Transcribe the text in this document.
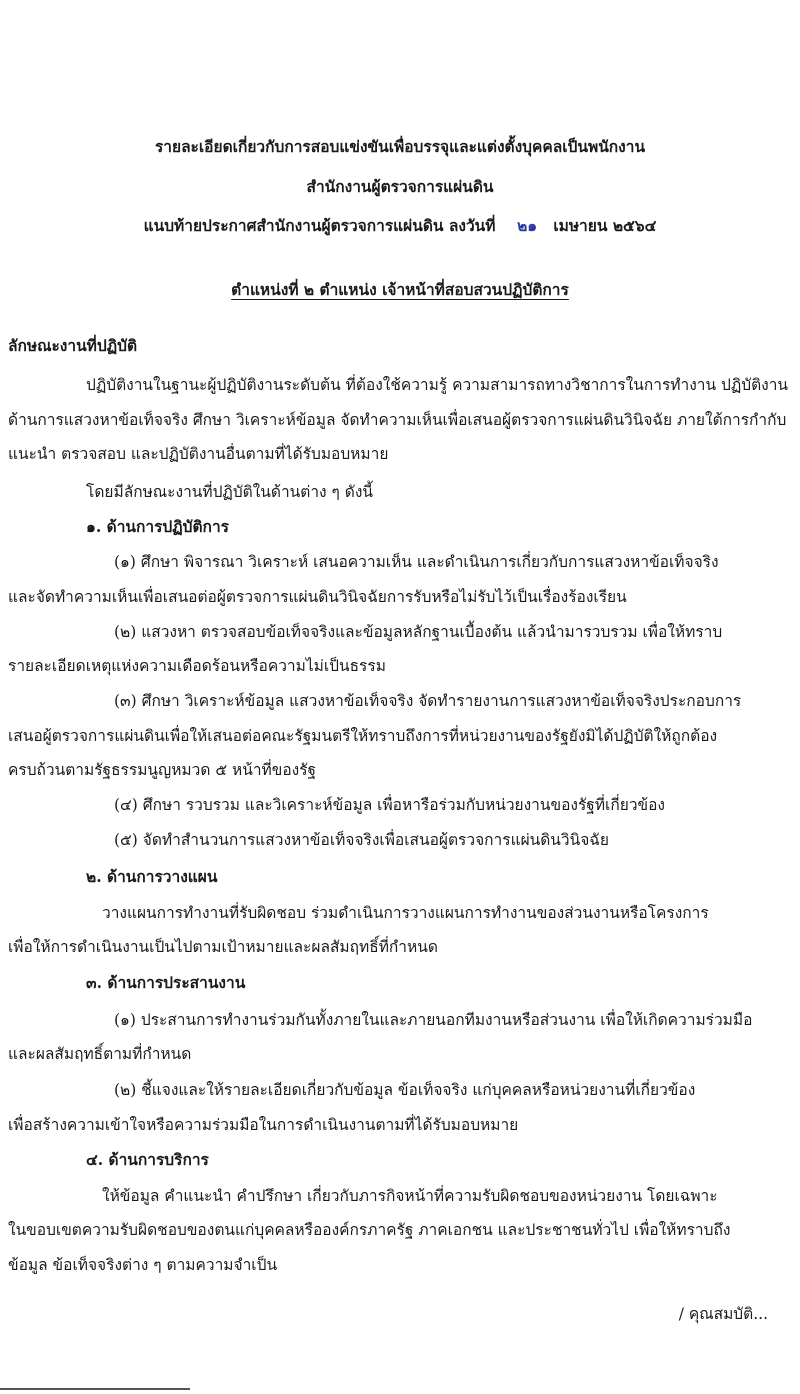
รายละเอียดเกี่ยวกับการสอบแข่งขันเพื่อบรรจุและแต่งตั้งบุคคลเป็นพนักงาน
สำนักงานผู้ตรวจการแผ่นดิน
แนบท้ายประกาศสำนักงานผู้ตรวจการแผ่นดิน ลงวันที่ ๒๑ เมษายน ๒๕๖๔
ตำแหน่งที่ ๒ ตำแหน่ง เจ้าหน้าที่สอบสวนปฏิบัติการ
ลักษณะงานที่ปฏิบัติ
ปฏิบัติงานในฐานะผู้ปฏิบัติงานระดับต้น ที่ต้องใช้ความรู้ ความสามารถทางวิชาการในการทำงาน ปฏิบัติงาน
ด้านการแสวงหาข้อเท็จจริง ศึกษา วิเคราะห์ข้อมูล จัดทำความเห็นเพื่อเสนอผู้ตรวจการแผ่นดินวินิจฉัย ภายใต้การกำกับ
แนะนำ ตรวจสอบ และปฏิบัติงานอื่นตามที่ได้รับมอบหมาย
โดยมีลักษณะงานที่ปฏิบัติในด้านต่าง ๆ ดังนี้
๑. ด้านการปฏิบัติการ
(๑) ศึกษา พิจารณา วิเคราะห์ เสนอความเห็น และดำเนินการเกี่ยวกับการแสวงหาข้อเท็จจริง
และจัดทำความเห็นเพื่อเสนอต่อผู้ตรวจการแผ่นดินวินิจฉัยการรับหรือไม่รับไว้เป็นเรื่องร้องเรียน
(๒) แสวงหา ตรวจสอบข้อเท็จจริงและข้อมูลหลักฐานเบื้องต้น แล้วนำมารวบรวม เพื่อให้ทราบ
รายละเอียดเหตุแห่งความเดือดร้อนหรือความไม่เป็นธรรม
(๓) ศึกษา วิเคราะห์ข้อมูล แสวงหาข้อเท็จจริง จัดทำรายงานการแสวงหาข้อเท็จจริงประกอบการ
เสนอผู้ตรวจการแผ่นดินเพื่อให้เสนอต่อคณะรัฐมนตรีให้ทราบถึงการที่หน่วยงานของรัฐยังมิได้ปฏิบัติให้ถูกต้อง
ครบถ้วนตามรัฐธรรมนูญหมวด ๕ หน้าที่ของรัฐ
(๔) ศึกษา รวบรวม และวิเคราะห์ข้อมูล เพื่อหารือร่วมกับหน่วยงานของรัฐที่เกี่ยวข้อง
(๕) จัดทำสำนวนการแสวงหาข้อเท็จจริงเพื่อเสนอผู้ตรวจการแผ่นดินวินิจฉัย
๒. ด้านการวางแผน
วางแผนการทำงานที่รับผิดชอบ ร่วมดำเนินการวางแผนการทำงานของส่วนงานหรือโครงการ
เพื่อให้การดำเนินงานเป็นไปตามเป้าหมายและผลสัมฤทธิ์ที่กำหนด
๓. ด้านการประสานงาน
(๑) ประสานการทำงานร่วมกันทั้งภายในและภายนอกทีมงานหรือส่วนงาน เพื่อให้เกิดความร่วมมือ
และผลสัมฤทธิ์ตามที่กำหนด
(๒) ชี้แจงและให้รายละเอียดเกี่ยวกับข้อมูล ข้อเท็จจริง แก่บุคคลหรือหน่วยงานที่เกี่ยวข้อง
เพื่อสร้างความเข้าใจหรือความร่วมมือในการดำเนินงานตามที่ได้รับมอบหมาย
๔. ด้านการบริการ
ให้ข้อมูล คำแนะนำ คำปรึกษา เกี่ยวกับภารกิจหน้าที่ความรับผิดชอบของหน่วยงาน โดยเฉพาะ
ในขอบเขตความรับผิดชอบของตนแก่บุคคลหรือองค์กรภาครัฐ ภาคเอกชน และประชาชนทั่วไป เพื่อให้ทราบถึง
ข้อมูล ข้อเท็จจริงต่าง ๆ ตามความจำเป็น
/ คุณสมบัติ...
